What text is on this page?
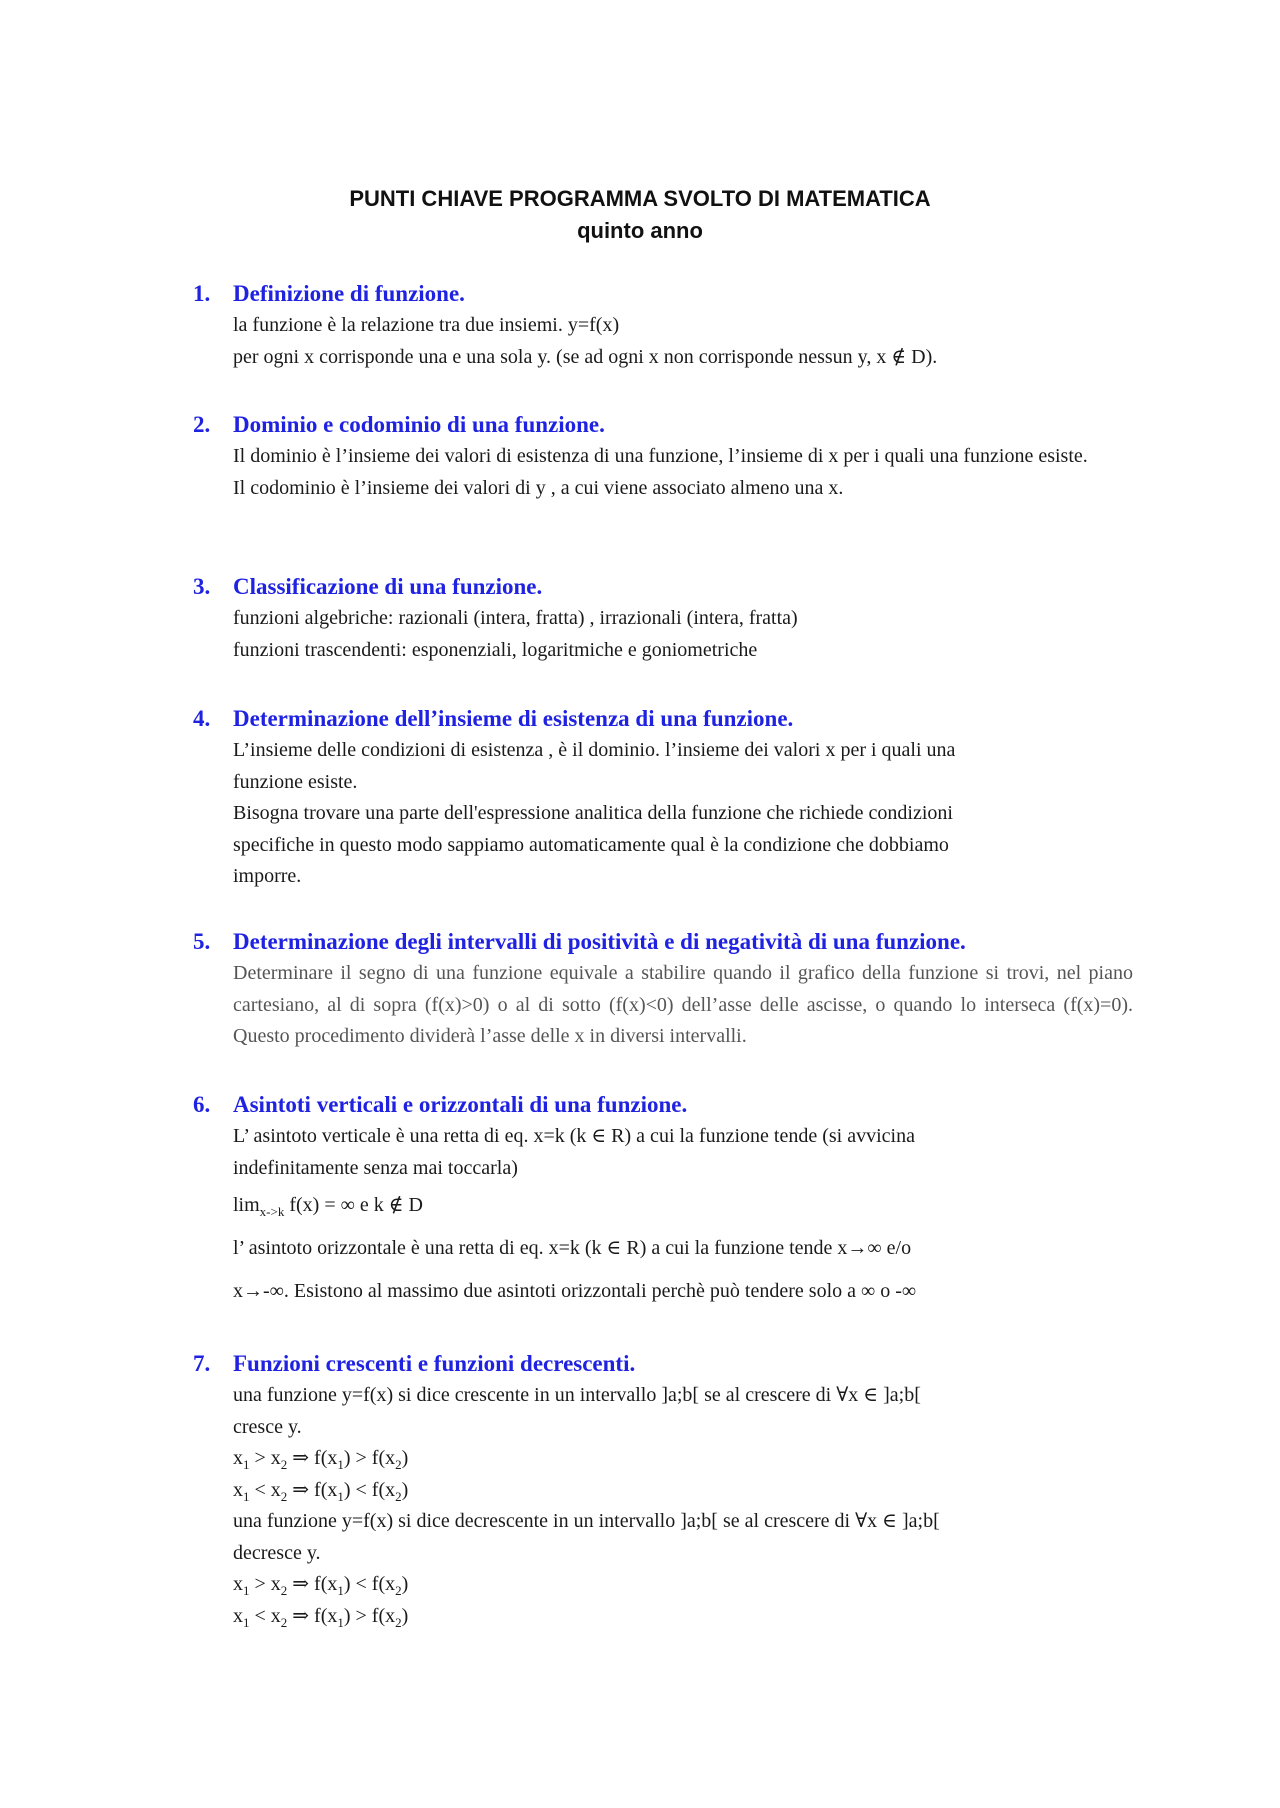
PUNTI CHIAVE PROGRAMMA SVOLTO DI MATEMATICA
quinto anno
1. Definizione di funzione.
la funzione è la relazione tra due insiemi. y=f(x)
per ogni x corrisponde una e una sola y. (se ad ogni x non corrisponde nessun y, x ∉ D).
2. Dominio e codominio di una funzione.
Il dominio è l’insieme dei valori di esistenza di una funzione, l’insieme di x per i quali una funzione esiste.
Il codominio è l’insieme dei valori di y , a cui viene associato almeno una x.
3. Classificazione di una funzione.
funzioni algebriche: razionali (intera, fratta) , irrazionali (intera, fratta)
funzioni trascendenti: esponenziali, logaritmiche e goniometriche
4. Determinazione dell’insieme di esistenza di una funzione.
L’insieme delle condizioni di esistenza , è il dominio. l’insieme dei valori x per i quali una
funzione esiste.
Bisogna trovare una parte dell'espressione analitica della funzione che richiede condizioni
specifiche in questo modo sappiamo automaticamente qual è la condizione che dobbiamo
imporre.
5. Determinazione degli intervalli di positività e di negatività di una funzione.
Determinare il segno di una funzione equivale a stabilire quando il grafico della funzione si trovi, nel piano cartesiano, al di sopra (f(x)>0) o al di sotto (f(x)<0) dell’asse delle ascisse, o quando lo interseca (f(x)=0). Questo procedimento dividerà l’asse delle x in diversi intervalli.
6. Asintoti verticali e orizzontali di una funzione.
L’ asintoto verticale è una retta di eq. x=k (k ∈ R) a cui la funzione tende (si avvicina
indefinitamente senza mai toccarla)
$\lim_{x->k} f(x)$ = ∞ e k ∉ D
l’ asintoto orizzontale è una retta di eq. x=k (k ∈ R) a cui la funzione tende x→∞ e/o
x→-∞. Esistono al massimo due asintoti orizzontali perchè può tendere solo a ∞ o -∞
7. Funzioni crescenti e funzioni decrescenti.
una funzione y=f(x) si dice crescente in un intervallo ]a;b[ se al crescere di ∀x ∈ ]a;b[
cresce y.
$x_1 > x_2$ ⇒ $f(x_1) > f(x_2)$
$x_1 < x_2$ ⇒ $f(x_1) < f(x_2)$
una funzione y=f(x) si dice decrescente in un intervallo ]a;b[ se al crescere di ∀x ∈ ]a;b[
decresce y.
$x_1 > x_2$ ⇒ $f(x_1) < f(x_2)$
$x_1 < x_2$ ⇒ $f(x_1) > f(x_2)$
